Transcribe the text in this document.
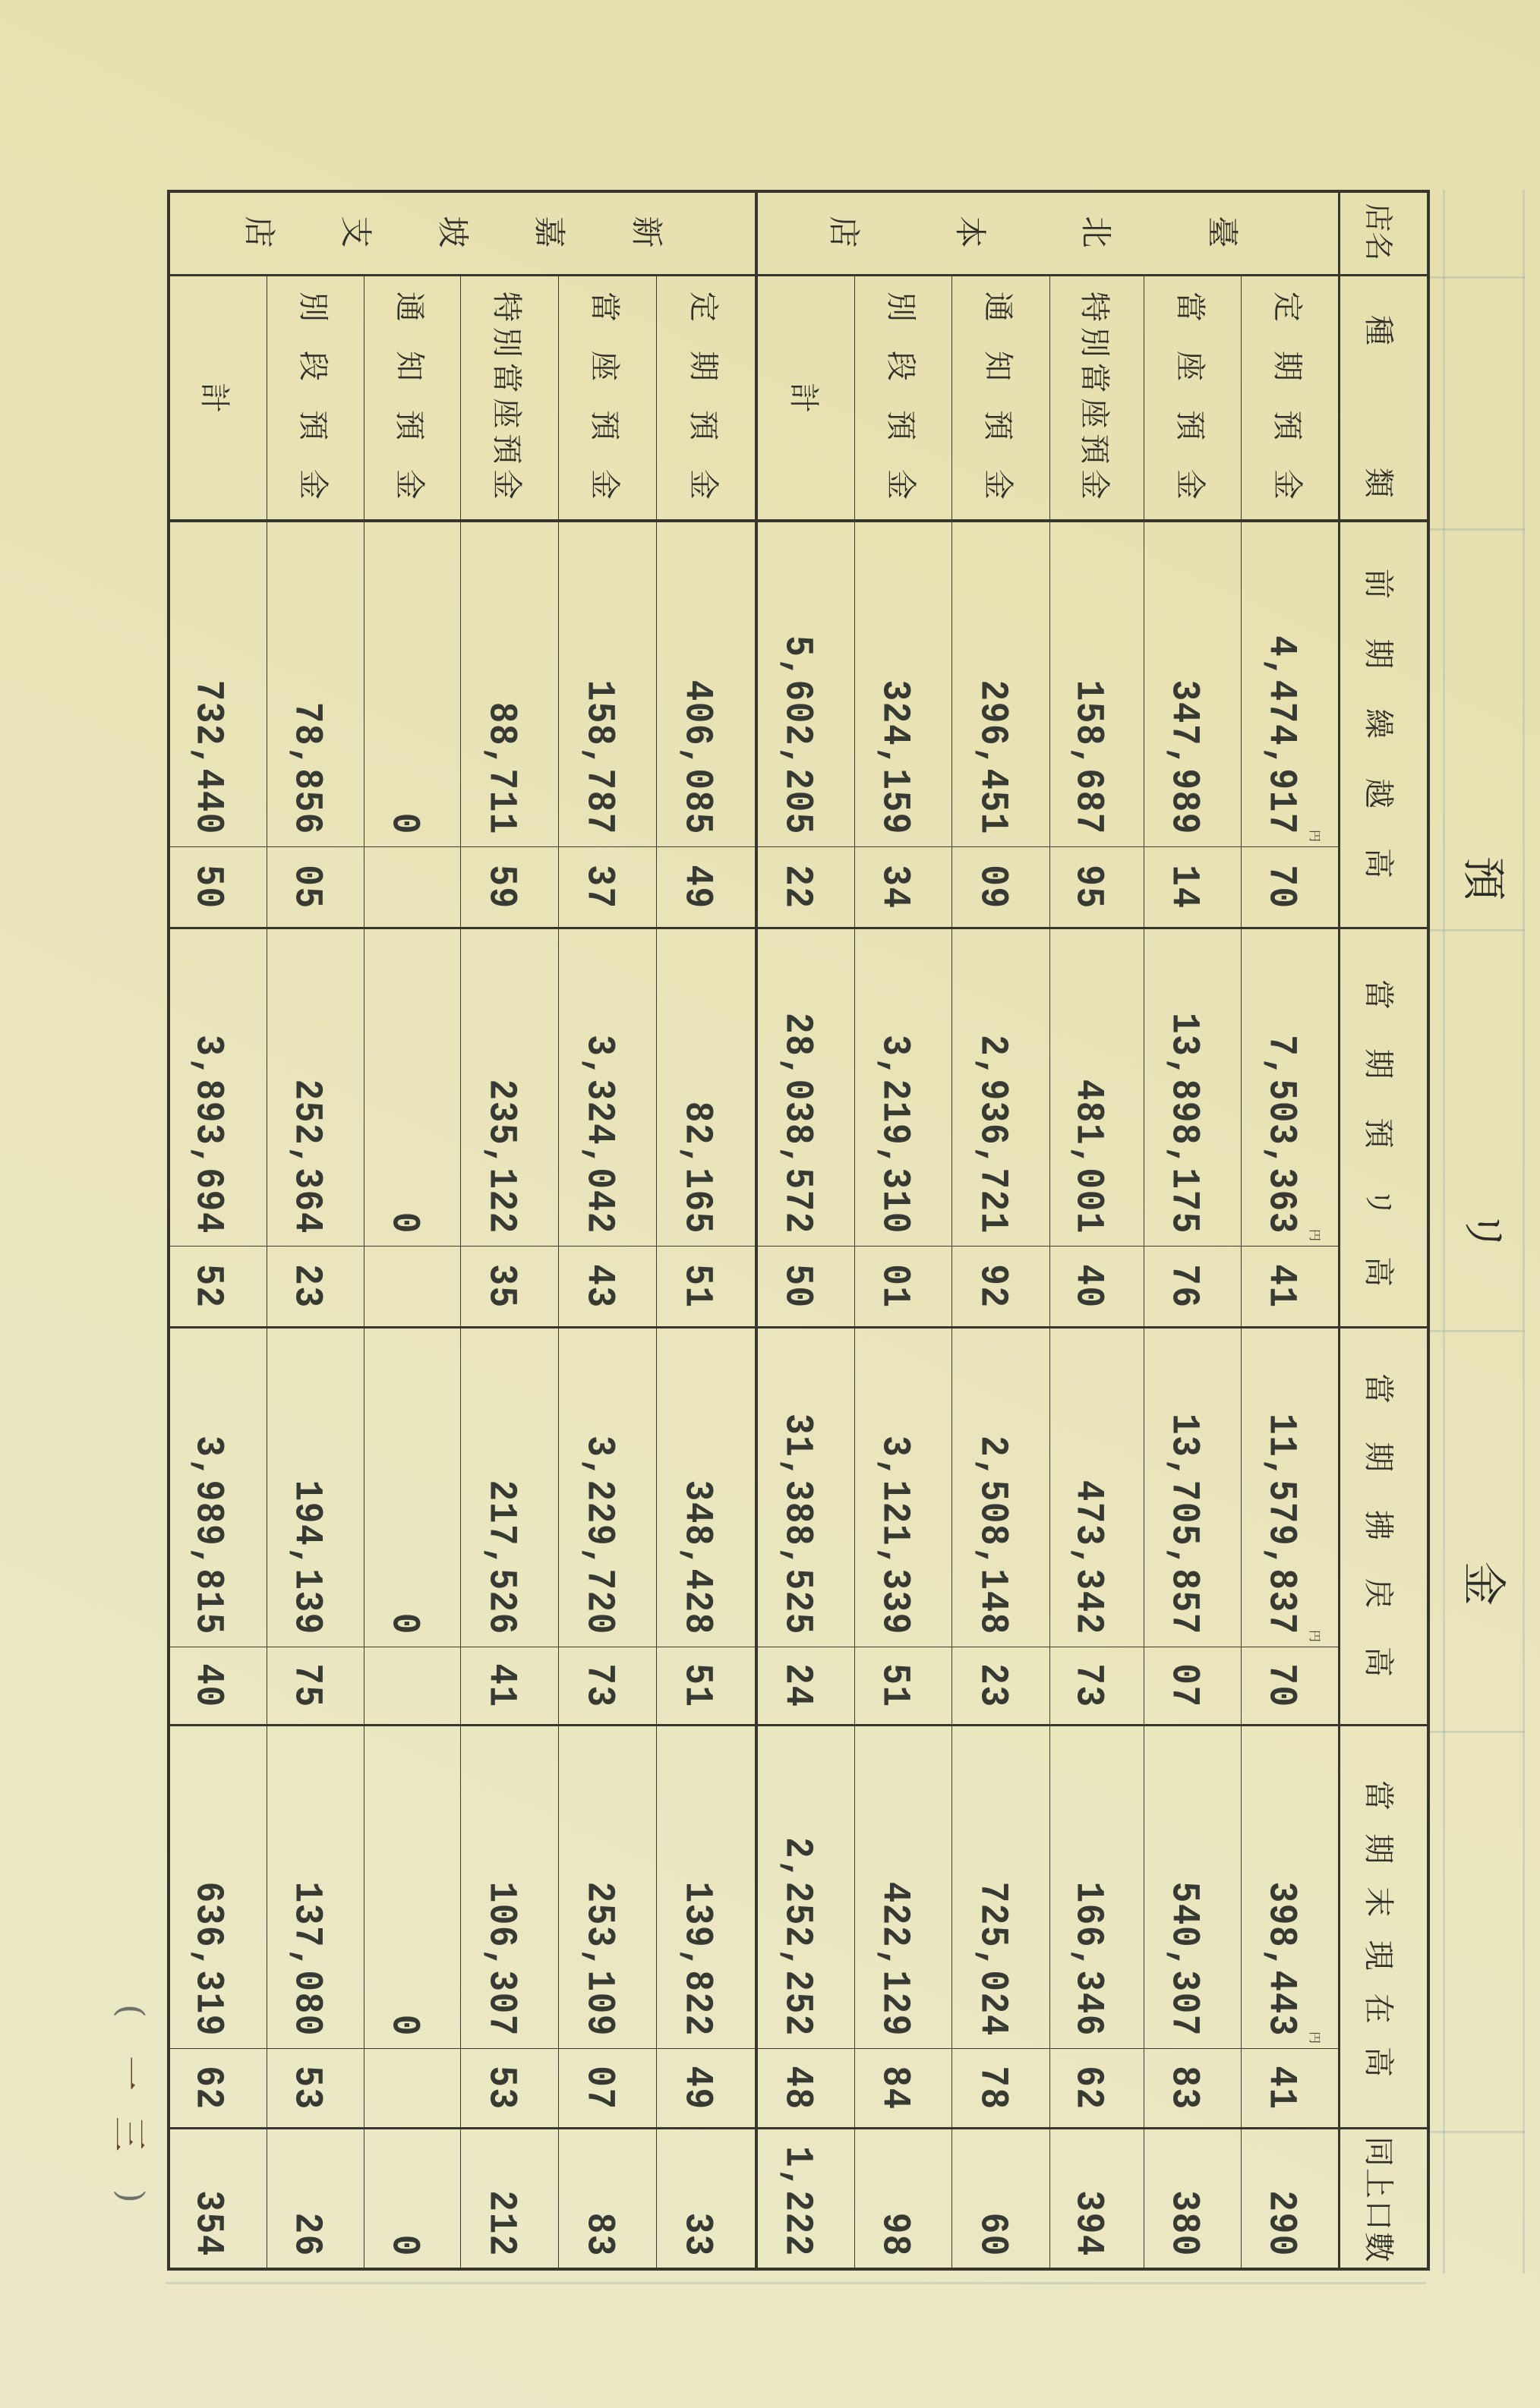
預
リ
金
店名
種
類
前
期
繰
越
高
當
期
預
リ
高
當
期
拂
戻
高
當
期
末
現
在
高
同上口數
臺
北
本
店
新
嘉
坡
支
店
定
期
預
金
円
4,474,917
70
円
7,503,363
41
円
11,579,837
70
円
398,443
41
290
當
座
預
金
347,989
14
13,898,175
76
13,705,857
07
540,307
83
380
特
別
當
座
預
金
158,687
95
481,001
40
473,342
73
166,346
62
394
通
知
預
金
296,451
09
2,936,721
92
2,508,148
23
725,024
78
60
別
段
預
金
324,159
34
3,219,310
01
3,121,339
51
422,129
84
98
計
5,602,205
22
28,038,572
50
31,388,525
24
2,252,252
48
1,222
定
期
預
金
406,085
49
82,165
51
348,428
51
139,822
49
33
當
座
預
金
158,787
37
3,324,042
43
3,229,720
73
253,109
07
83
特
別
當
座
預
金
88,711
59
235,122
35
217,526
41
106,307
53
212
通
知
預
金
0
0
0
0
0
別
段
預
金
78,856
05
252,364
23
194,139
75
137,080
53
26
計
732,440
50
3,893,694
52
3,989,815
40
636,319
62
354
(
一三
)
